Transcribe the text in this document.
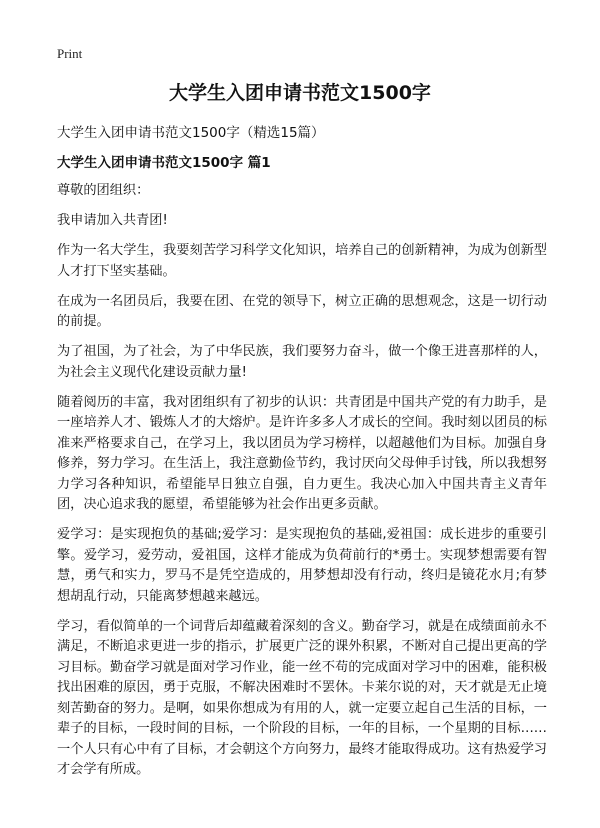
Print
大学生入团申请书范文1500字
大学生入团申请书范文1500字（精选15篇）
大学生入团申请书范文1500字 篇1

尊敬的团组织：

我申请加入共青团!

作为一名大学生，我要刻苦学习科学文化知识，培养自己的创新精神，为成为创新型人才打下坚实基础。

在成为一名团员后，我要在团、在党的领导下，树立正确的思想观念，这是一切行动的前提。

为了祖国，为了社会，为了中华民族，我们要努力奋斗，做一个像王进喜那样的人，为社会主义现代化建设贡献力量!

随着阅历的丰富，我对团组织有了初步的认识：共青团是中国共产党的有力助手，是一座培养人才、锻炼人才的大熔炉。是许许多多人才成长的空间。我时刻以团员的标准来严格要求自己，在学习上，我以团员为学习榜样，以超越他们为目标。加强自身修养，努力学习。在生活上，我注意勤俭节约，我讨厌向父母伸手讨钱，所以我想努力学习各种知识，希望能早日独立自强，自力更生。我决心加入中国共青主义青年团，决心追求我的愿望，希望能够为社会作出更多贡献。

爱学习：是实现抱负的基础;爱学习：是实现抱负的基础,爱祖国：成长进步的重要引擎。爱学习，爱劳动，爱祖国，这样才能成为负荷前行的*勇士。实现梦想需要有智慧，勇气和实力，罗马不是凭空造成的，用梦想却没有行动，终归是镜花水月;有梦想胡乱行动，只能离梦想越来越远。

学习，看似简单的一个词背后却蕴藏着深刻的含义。勤奋学习，就是在成绩面前永不满足，不断追求更进一步的指示，扩展更广泛的课外积累，不断对自己提出更高的学习目标。勤奋学习就是面对学习作业，能一丝不苟的完成面对学习中的困难，能积极找出困难的原因，勇于克服，不解决困难时不罢休。卡莱尔说的对，天才就是无止境刻苦勤奋的努力。是啊，如果你想成为有用的人，就一定要立起自己生活的目标，一辈子的目标，一段时间的目标，一个阶段的目标，一年的目标，一个星期的目标……一个人只有心中有了目标，才会朝这个方向努力，最终才能取得成功。这有热爱学习才会学有所成。
